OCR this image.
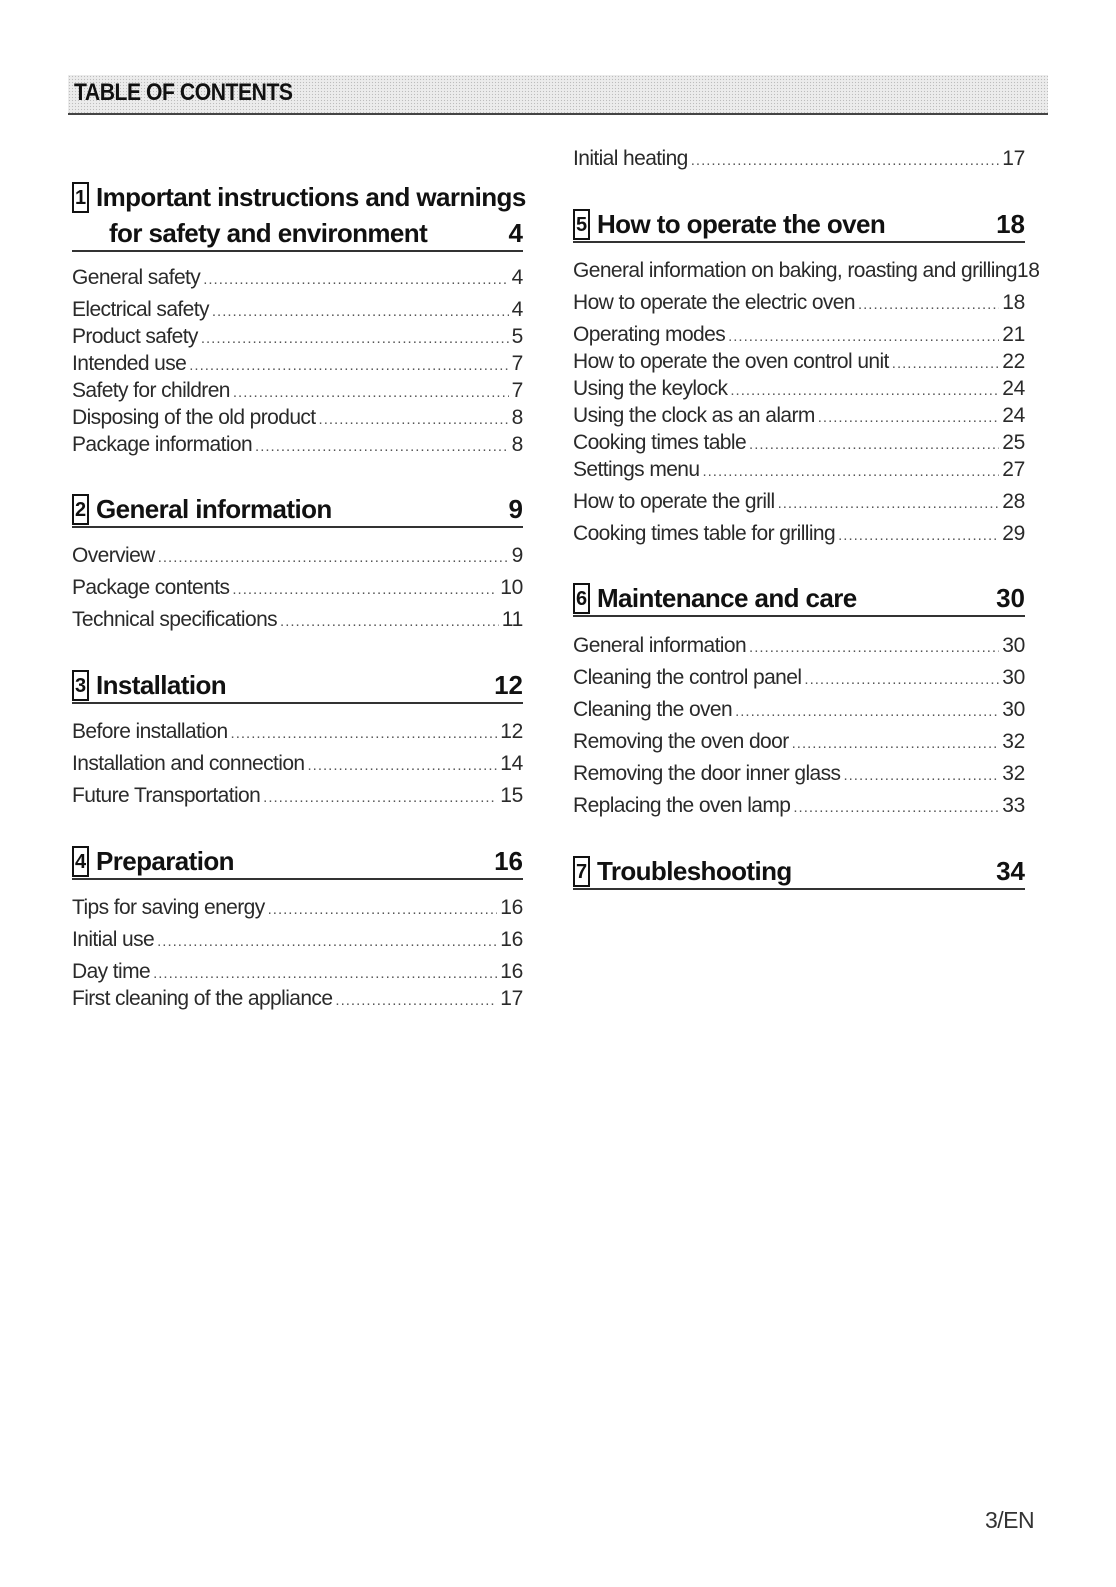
TABLE OF CONTENTS
1 Important instructions and warnings
for safety and environment	4
General safety .....	4
Electrical safety .....	4
Product safety .....	5
Intended use .....	7
Safety for children .....	7
Disposing of the old product .....	8
Package information .....	8
2 General information	9
Overview .....	9
Package contents .....	10
Technical specifications .....	11
3 Installation	12
Before installation .....	12
Installation and connection .....	14
Future Transportation .....	15
4 Preparation	16
Tips for saving energy .....	16
Initial use .....	16
Day time .....	16
First cleaning of the appliance .....	17
Initial heating .....	17
5 How to operate the oven	18
General information on baking, roasting and grilling 18
How to operate the electric oven .....	18
Operating modes .....	21
How to operate the oven control unit .....	22
Using the keylock .....	24
Using the clock as an alarm .....	24
Cooking times table .....	25
Settings menu .....	27
How to operate the grill .....	28
Cooking times table for grilling .....	29
6 Maintenance and care	30
General information .....	30
Cleaning the control panel .....	30
Cleaning the oven .....	30
Removing the oven door .....	32
Removing the door inner glass .....	32
Replacing the oven lamp .....	33
7 Troubleshooting	34
3/EN
